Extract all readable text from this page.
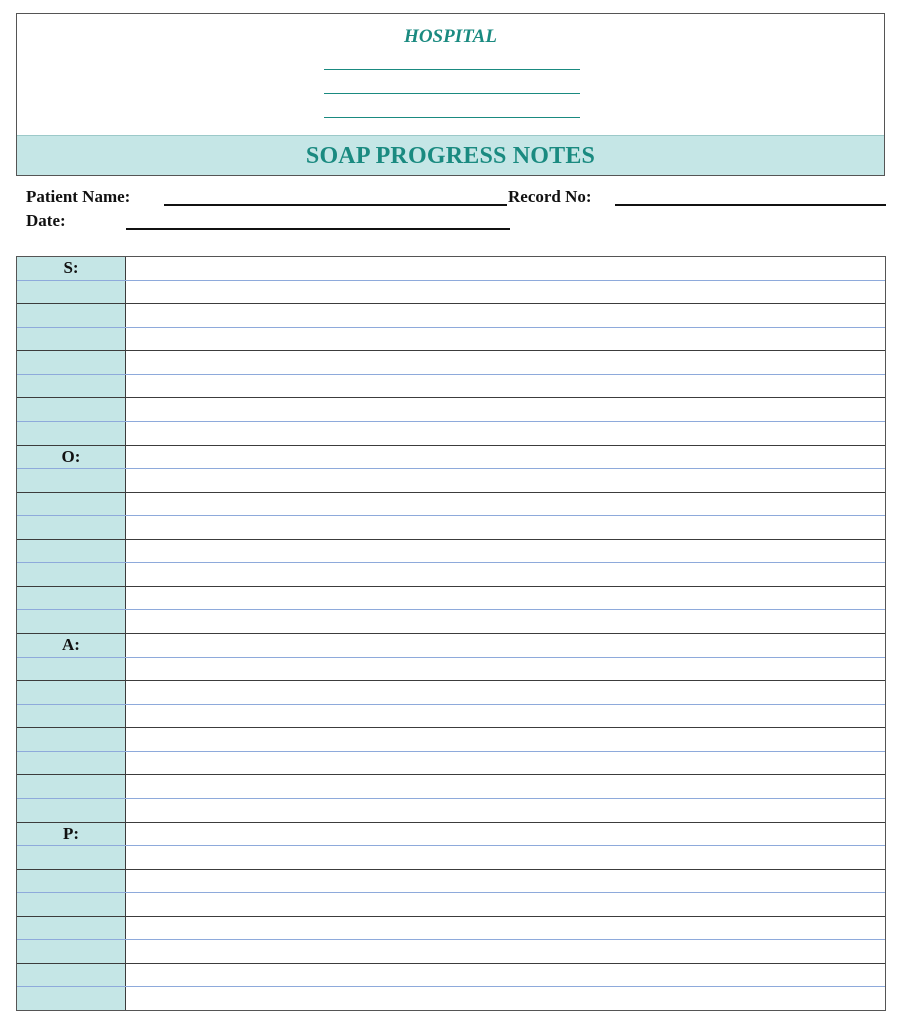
HOSPITAL
SOAP PROGRESS NOTES
Patient Name:	Record No:
Date:
S:
O:
A:
P:
